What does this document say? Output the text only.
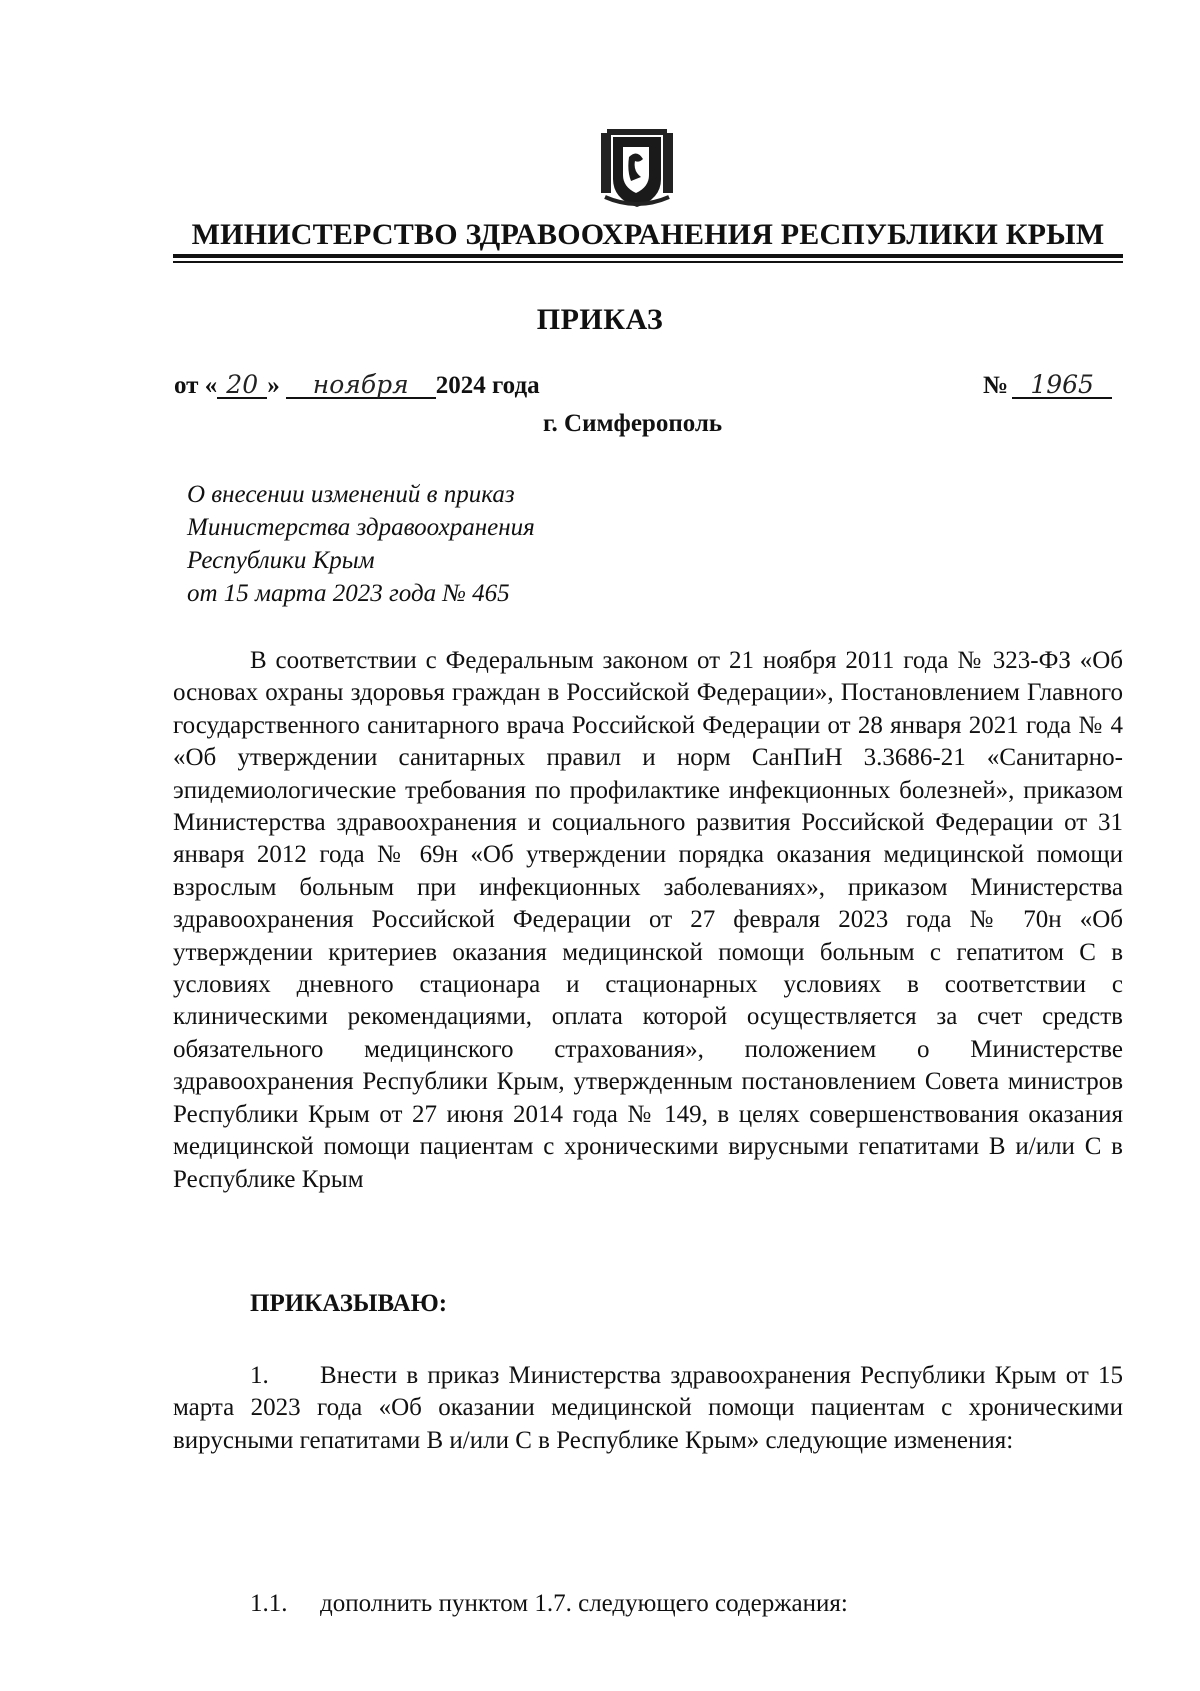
МИНИСТЕРСТВО ЗДРАВООХРАНЕНИЯ РЕСПУБЛИКИ КРЫМ
ПРИКАЗ
от « 20 » ноября 2024 года	№ 1965
г. Симферополь
О внесении изменений в приказ
Министерства здравоохранения
Республики Крым
от 15 марта 2023 года № 465
В соответствии с Федеральным законом от 21 ноября 2011 года № 323-ФЗ «Об основах охраны здоровья граждан в Российской Федерации», Постановлением Главного государственного санитарного врача Российской Федерации от 28 января 2021 года № 4 «Об утверждении санитарных правил и норм СанПиН 3.3686-21 «Санитарно-эпидемиологические требования по профилактике инфекционных болезней», приказом Министерства здравоохранения и социального развития Российской Федерации от 31 января 2012 года № 69н «Об утверждении порядка оказания медицинской помощи взрослым больным при инфекционных заболеваниях», приказом Министерства здравоохранения Российской Федерации от 27 февраля 2023 года № 70н «Об утверждении критериев оказания медицинской помощи больным с гепатитом С в условиях дневного стационара и стационарных условиях в соответствии с клиническими рекомендациями, оплата которой осуществляется за счет средств обязательного медицинского страхования», положением о Министерстве здравоохранения Республики Крым, утвержденным постановлением Совета министров Республики Крым от 27 июня 2014 года № 149, в целях совершенствования оказания медицинской помощи пациентам с хроническими вирусными гепатитами В и/или С в Республике Крым
ПРИКАЗЫВАЮ:
1. Внести в приказ Министерства здравоохранения Республики Крым от 15 марта 2023 года «Об оказании медицинской помощи пациентам с хроническими вирусными гепатитами В и/или С в Республике Крым» следующие изменения:
1.1. дополнить пунктом 1.7. следующего содержания:
